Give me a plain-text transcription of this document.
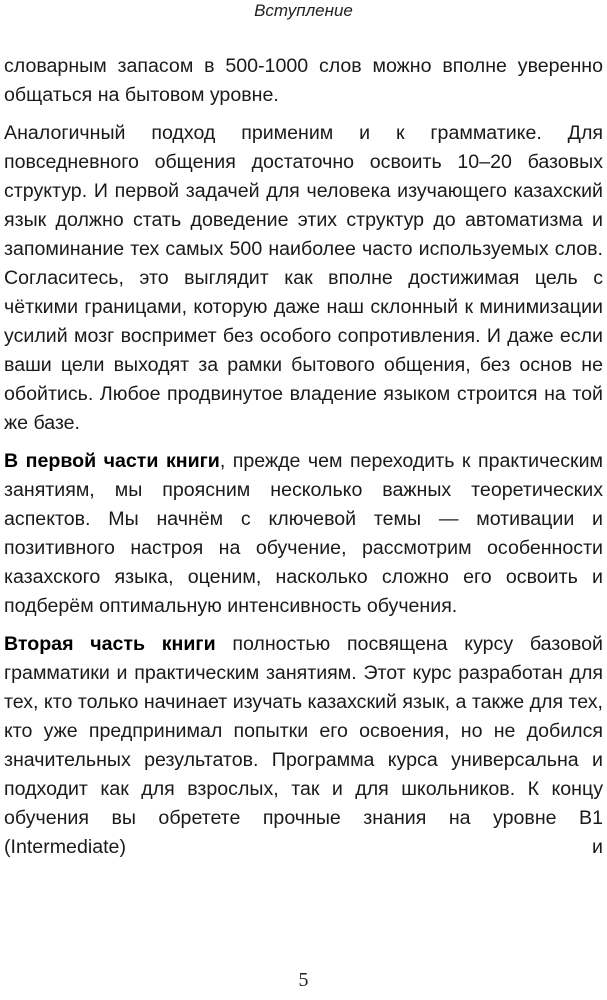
Вступление

словарным запасом в 500-1000 слов можно вполне уверенно общаться на бытовом уровне.

Аналогичный подход применим и к грамматике. Для повседневного общения достаточно освоить 10–20 базовых структур. И первой задачей для человека изучающего казахский язык должно стать доведение этих структур до автоматизма и запоминание тех самых 500 наиболее часто используемых слов. Согласитесь, это выглядит как вполне достижимая цель с чёткими границами, которую даже наш склонный к минимизации усилий мозг воспримет без особого сопротивления. И даже если ваши цели выходят за рамки бытового общения, без основ не обойтись. Любое продвинутое владение языком строится на той же базе.

В первой части книги, прежде чем переходить к практическим занятиям, мы проясним несколько важных теоретических аспектов. Мы начнём с ключевой темы — мотивации и позитивного настроя на обучение, рассмотрим особенности казахского языка, оценим, насколько сложно его освоить и подберём оптимальную интенсивность обучения.

Вторая часть книги полностью посвящена курсу базовой грамматики и практическим занятиям. Этот курс разработан для тех, кто только начинает изучать казахский язык, а также для тех, кто уже предпринимал попытки его освоения, но не добился значительных результатов. Программа курса универсальна и подходит как для взрослых, так и для школьников. К концу обучения вы обретете прочные знания на уровне B1 (Intermediate) и

5
